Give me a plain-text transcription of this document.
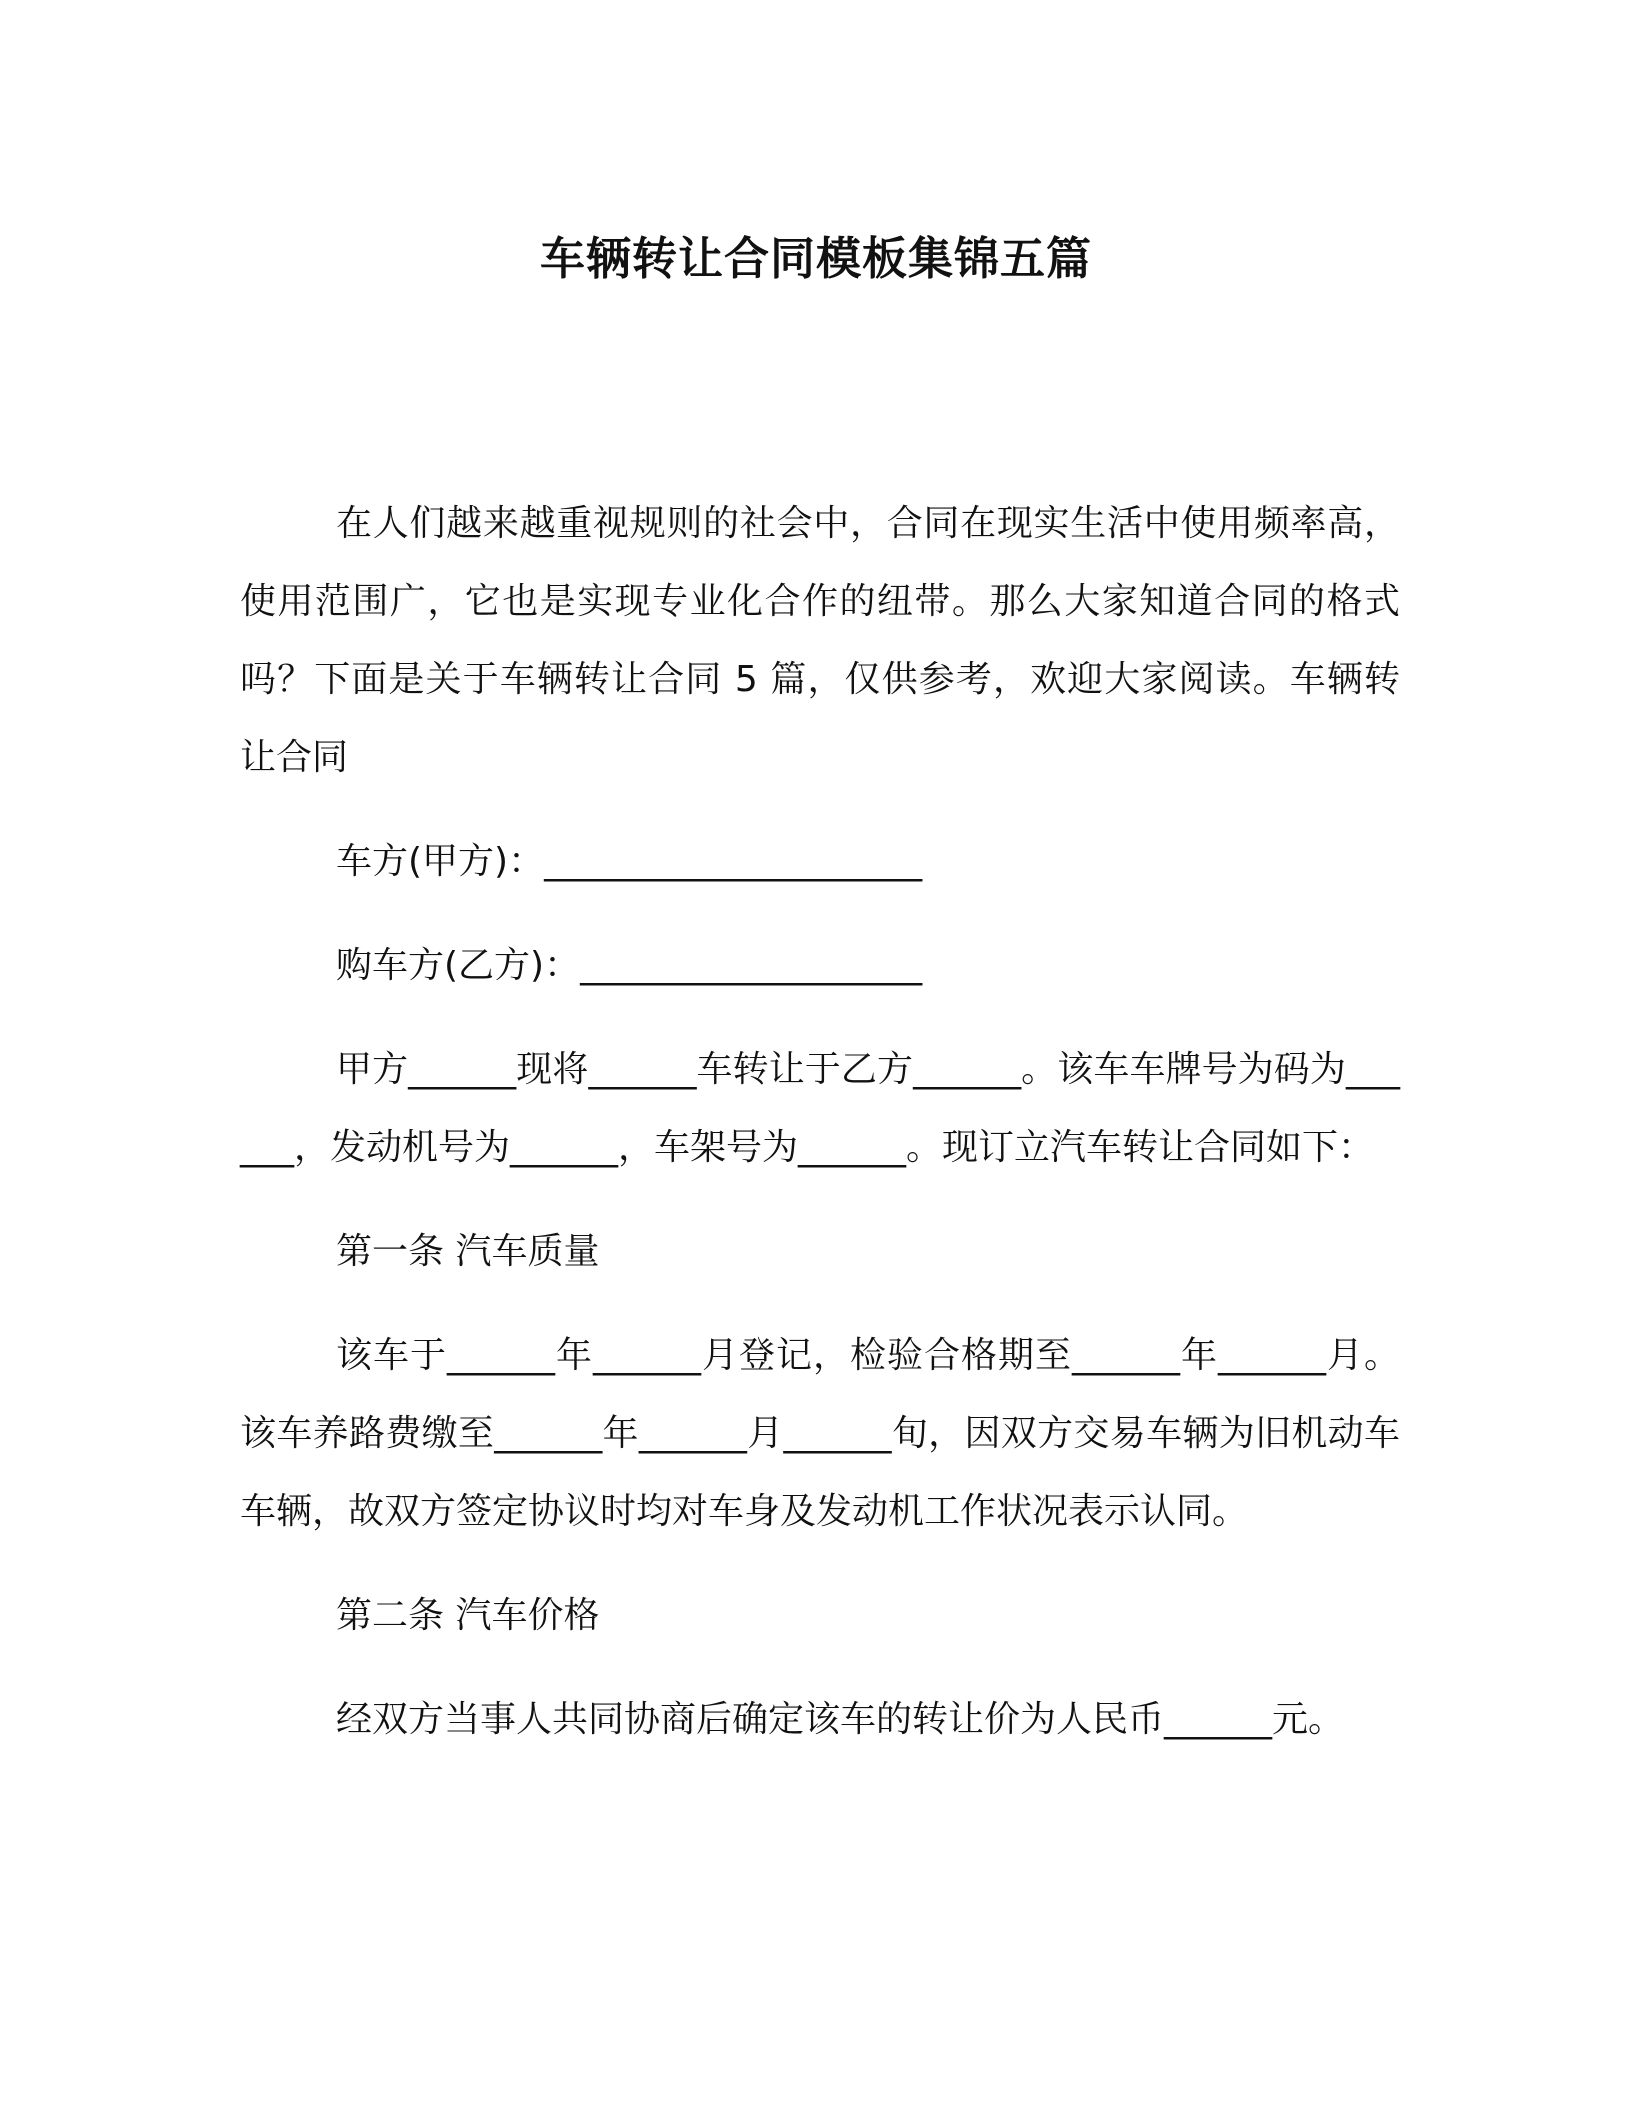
车辆转让合同模板集锦五篇

在人们越来越重视规则的社会中，合同在现实生活中使用频率高，使用范围广，它也是实现专业化合作的纽带。那么大家知道合同的格式吗？下面是关于车辆转让合同 5 篇，仅供参考，欢迎大家阅读。车辆转让合同

车方(甲方)：_____________________

购车方(乙方)：___________________

甲方______现将______车转让于乙方______。该车车牌号为码为______，发动机号为______，车架号为______。现订立汽车转让合同如下：

第一条 汽车质量

该车于______年______月登记，检验合格期至______年______月。该车养路费缴至______年______月______旬，因双方交易车辆为旧机动车车辆，故双方签定协议时均对车身及发动机工作状况表示认同。

第二条 汽车价格

经双方当事人共同协商后确定该车的转让价为人民币______元。
